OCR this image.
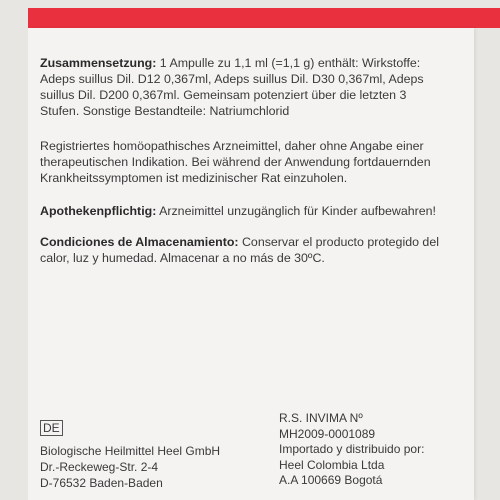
Zusammensetzung: 1 Ampulle zu 1,1 ml (=1,1 g) enthält: Wirkstoffe: Adeps suillus Dil. D12 0,367ml, Adeps suillus Dil. D30 0,367ml, Adeps suillus Dil. D200 0,367ml. Gemeinsam potenziert über die letzten 3 Stufen. Sonstige Bestandteile: Natriumchlorid
Registriertes homöopathisches Arzneimittel, daher ohne Angabe einer therapeutischen Indikation. Bei während der Anwendung fortdauernden Krankheitssymptomen ist medizinischer Rat einzuholen.
Apothekenpflichtig: Arzneimittel unzugänglich für Kinder aufbewahren!
Condiciones de Almacenamiento: Conservar el producto protegido del calor, luz y humedad. Almacenar a no más de 30ºC.
DE
Biologische Heilmittel Heel GmbH
Dr.-Reckeweg-Str. 2-4
D-76532 Baden-Baden
R.S. INVIMA Nº
MH2009-0001089
Importado y distribuido por:
Heel Colombia Ltda
A.A 100669 Bogotá
